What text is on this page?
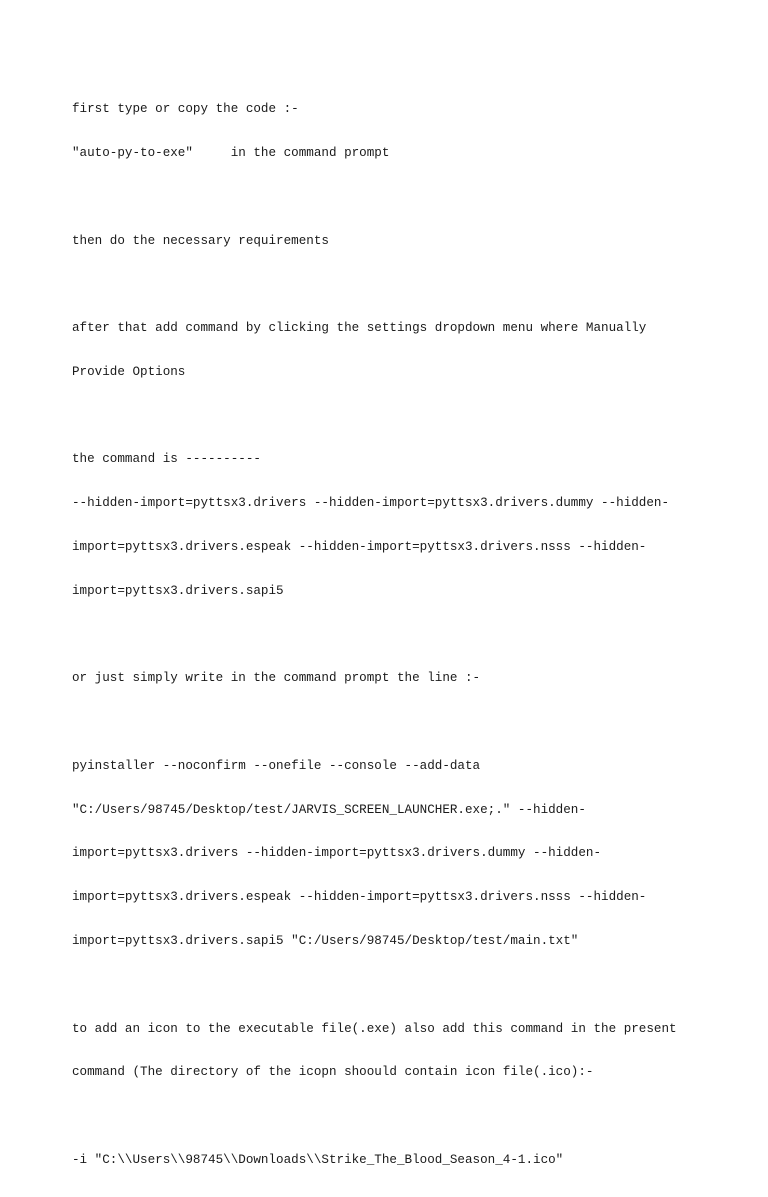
first type or copy the code :-

"auto-py-to-exe"     in the command prompt

then do the necessary requirements

after that add command by clicking the settings dropdown menu where Manually

Provide Options

the command is ----------

--hidden-import=pyttsx3.drivers --hidden-import=pyttsx3.drivers.dummy --hidden-

import=pyttsx3.drivers.espeak --hidden-import=pyttsx3.drivers.nsss --hidden-

import=pyttsx3.drivers.sapi5

or just simply write in the command prompt the line :-

pyinstaller --noconfirm --onefile --console --add-data

"C:/Users/98745/Desktop/test/JARVIS_SCREEN_LAUNCHER.exe;." --hidden-

import=pyttsx3.drivers --hidden-import=pyttsx3.drivers.dummy --hidden-

import=pyttsx3.drivers.espeak --hidden-import=pyttsx3.drivers.nsss --hidden-

import=pyttsx3.drivers.sapi5 "C:/Users/98745/Desktop/test/main.txt"

to add an icon to the executable file(.exe) also add this command in the present

command (The directory of the icopn shoould contain icon file(.ico):-

-i "C:\\Users\\98745\\Downloads\\Strike_The_Blood_Season_4-1.ico"
